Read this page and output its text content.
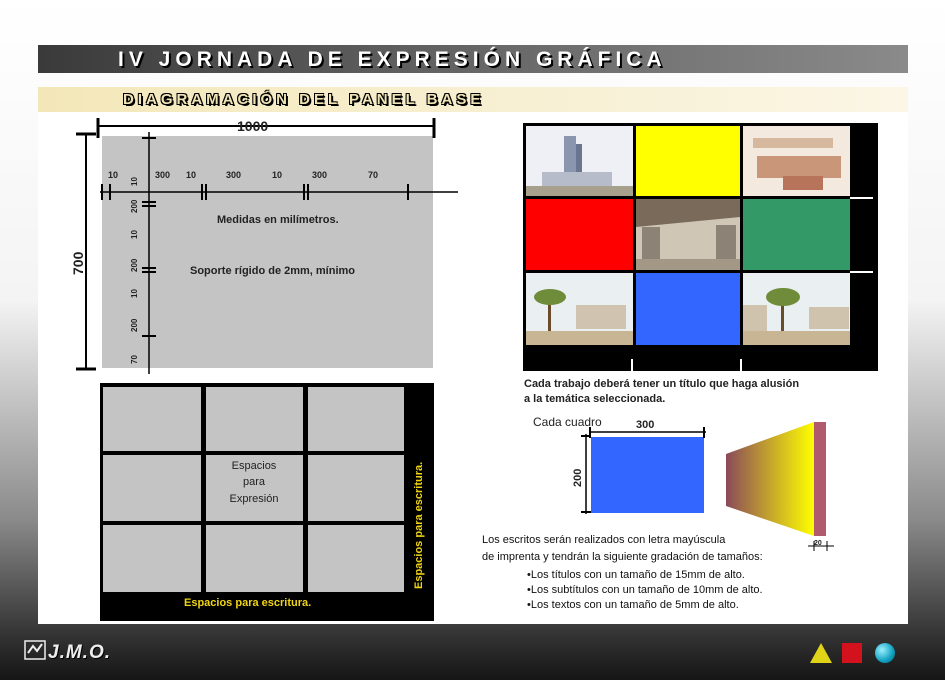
IV JORNADA DE EXPRESIÓN GRÁFICA
DIAGRAMACIÓN DEL PANEL BASE
1000
700
10	300 10	300	10	300	70
10
200
10
200
10
200
70
Medidas en milímetros.
Soporte rígido de 2mm, mínimo
Espacios
para
Expresión
Espacios para escritura.
Espacios para escritura.
Cada trabajo deberá tener un título que haga alusión
a la temática seleccionada.
Cada cuadro	300
200
20
Los escritos serán realizados con letra mayúscula
de imprenta y tendrán la siguiente gradación de tamaños:
•Los títulos con un tamaño de 15mm de alto.
•Los subtítulos con un tamaño de 10mm de alto.
•Los textos con un tamaño de 5mm de alto.
J.M.O.
